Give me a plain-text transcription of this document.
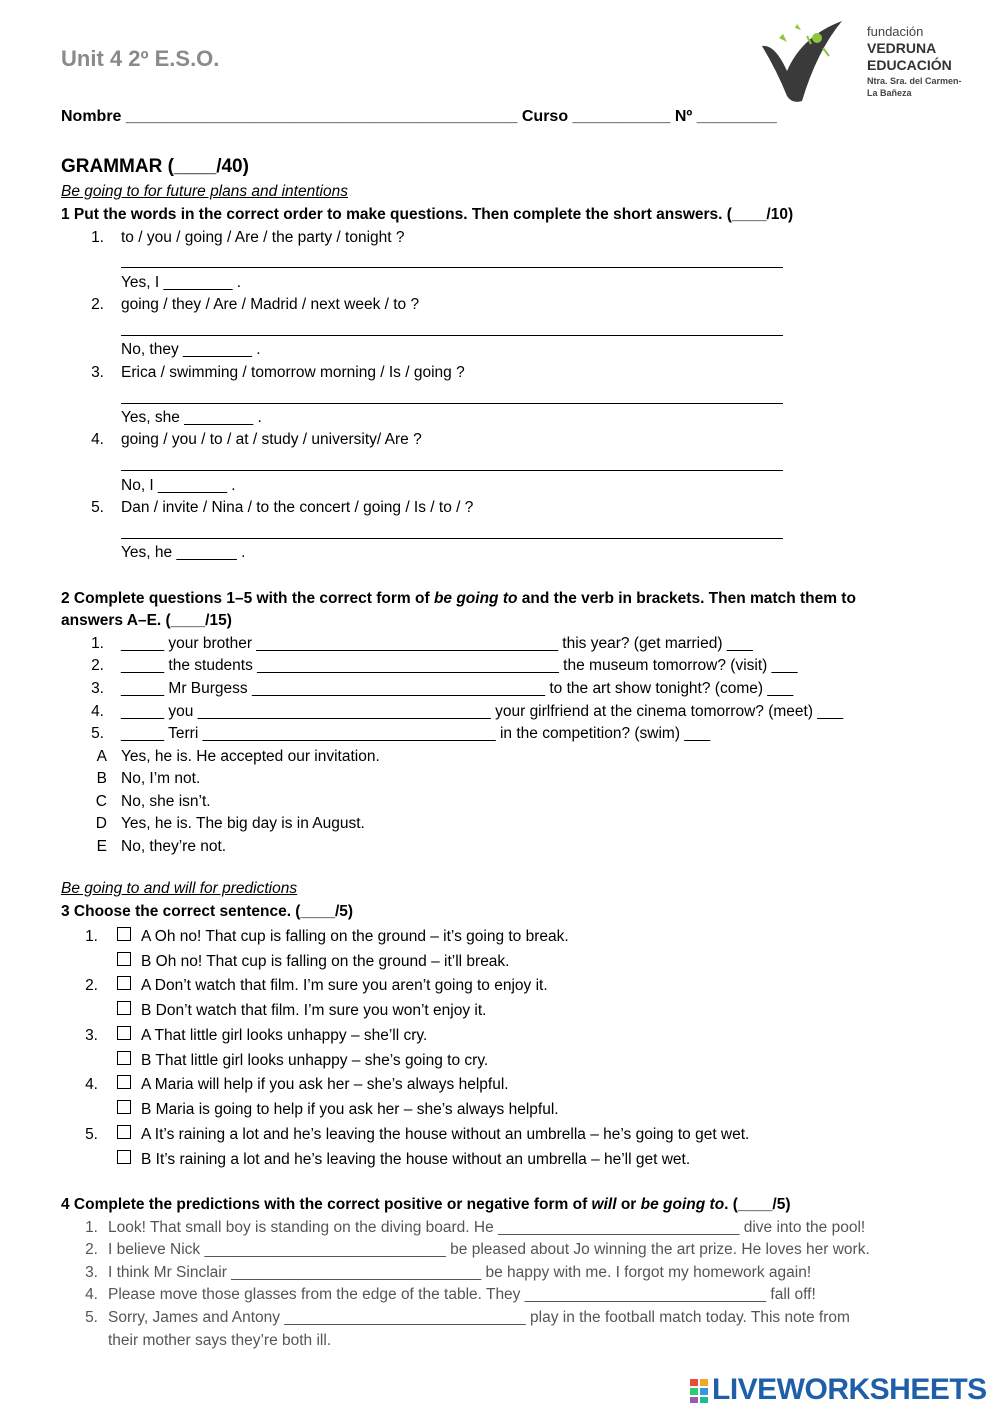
Unit 4 2º E.S.O.
fundación
VEDRUNA
EDUCACIÓN
Ntra. Sra. del Carmen-
La Bañeza
Nombre ____________________________________________ Curso ___________ Nº _________
GRAMMAR (____/40)
Be going to for future plans and intentions
1 Put the words in the correct order to make questions. Then complete the short answers. (____/10)
1. to / you / going / Are / the party / tonight ?
Yes, I ________ .
2. going / they / Are / Madrid / next week / to ?
No, they ________ .
3. Erica / swimming / tomorrow morning / Is / going ?
Yes, she ________ .
4. going / you / to / at / study / university/ Are ?
No, I ________ .
5. Dan / invite / Nina / to the concert / going / Is / to / ?
Yes, he _______ .
2 Complete questions 1–5 with the correct form of be going to and the verb in brackets. Then match them to
answers A–E. (____/15)
1. _____ your brother ___________________________________ this year? (get married) ___
2. _____ the students ___________________________________ the museum tomorrow? (visit) ___
3. _____ Mr Burgess __________________________________ to the art show tonight? (come) ___
4. _____ you __________________________________ your girlfriend at the cinema tomorrow? (meet) ___
5. _____ Terri __________________________________ in the competition? (swim) ___
A Yes, he is. He accepted our invitation.
B No, I’m not.
C No, she isn’t.
D Yes, he is. The big day is in August.
E No, they’re not.
Be going to and will for predictions
3 Choose the correct sentence. (____/5)
1.	A Oh no! That cup is falling on the ground – it’s going to break.
B Oh no! That cup is falling on the ground – it’ll break.
2.	A Don’t watch that film. I’m sure you aren’t going to enjoy it.
B Don’t watch that film. I’m sure you won’t enjoy it.
3.	A That little girl looks unhappy – she’ll cry.
B That little girl looks unhappy – she’s going to cry.
4.	A Maria will help if you ask her – she’s always helpful.
B Maria is going to help if you ask her – she’s always helpful.
5.	A It’s raining a lot and he’s leaving the house without an umbrella – he’s going to get wet.
B It’s raining a lot and he’s leaving the house without an umbrella – he’ll get wet.
4 Complete the predictions with the correct positive or negative form of will or be going to. (____/5)
1. Look! That small boy is standing on the diving board. He ____________________________ dive into the pool!
2. I believe Nick ____________________________ be pleased about Jo winning the art prize. He loves her work.
3. I think Mr Sinclair _____________________________ be happy with me. I forgot my homework again!
4. Please move those glasses from the edge of the table. They ____________________________ fall off!
5. Sorry, James and Antony ____________________________ play in the football match today. This note from
their mother says they’re both ill.
LIVEWORKSHEETS
